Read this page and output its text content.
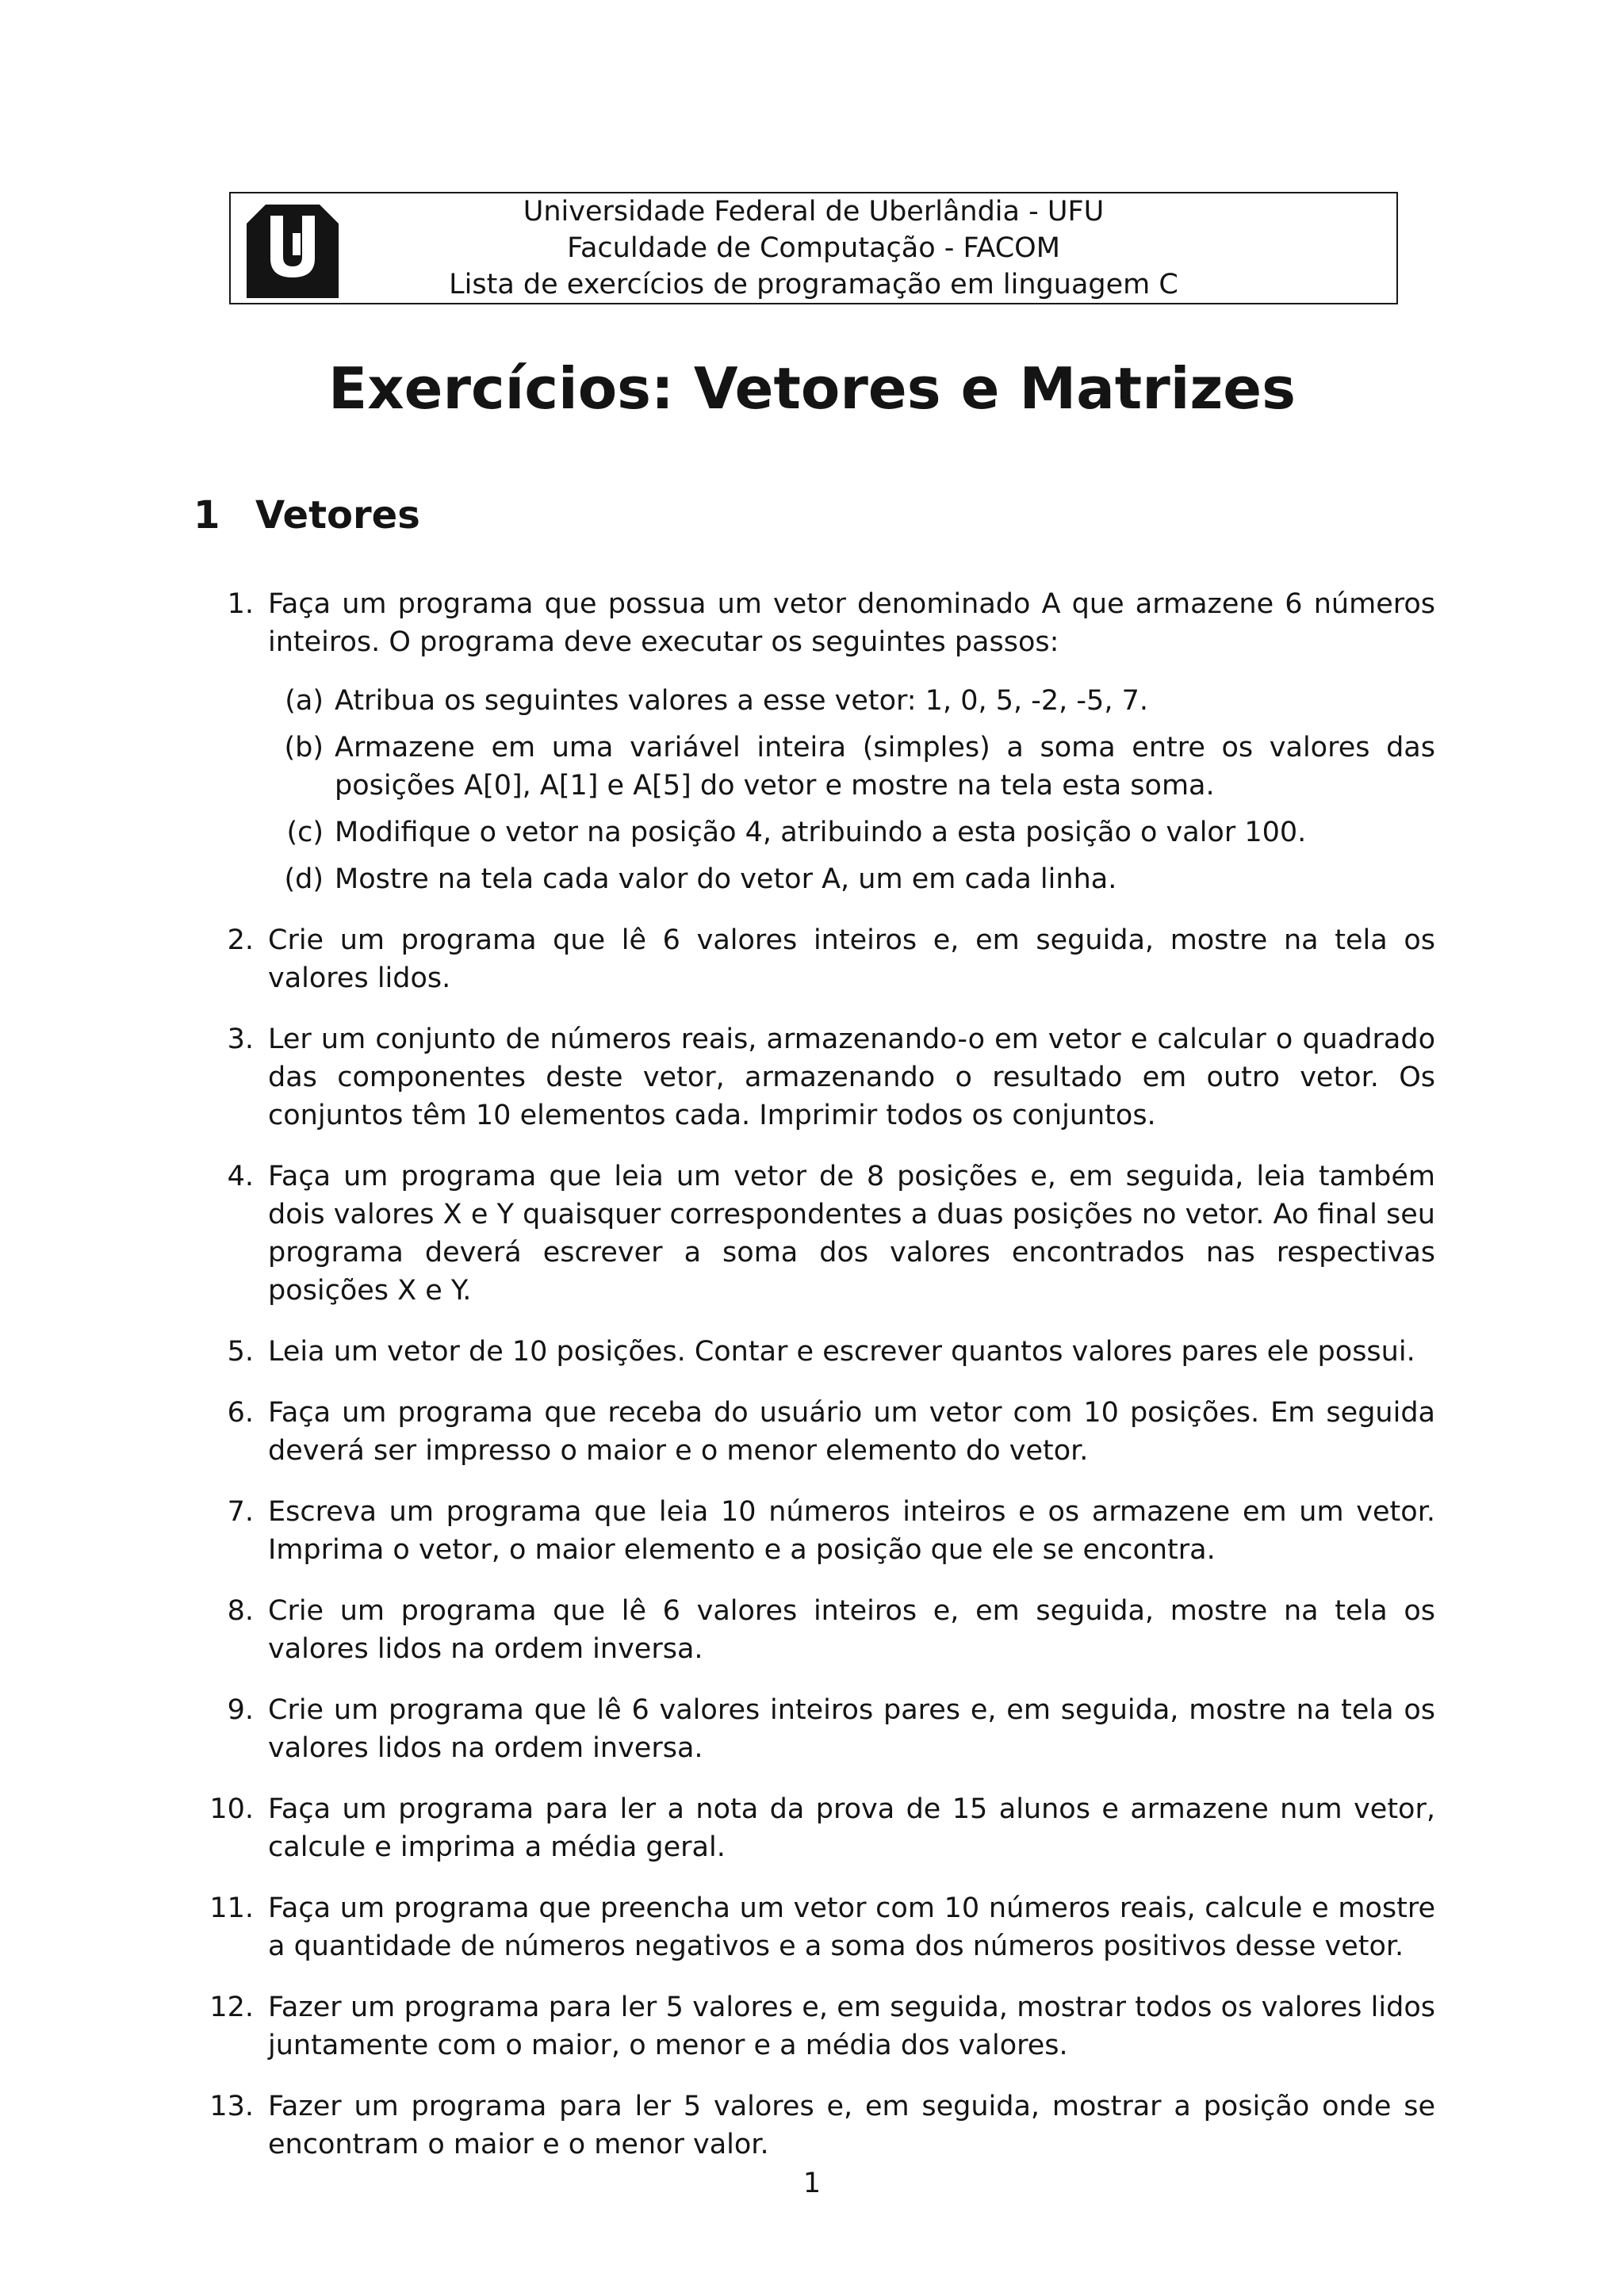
Universidade Federal de Uberlândia - UFU
Faculdade de Computação - FACOM
Lista de exercícios de programação em linguagem C
Exercícios: Vetores e Matrizes
1 Vetores
1. Faça um programa que possua um vetor denominado A que armazene 6 números inteiros. O programa deve executar os seguintes passos:
(a) Atribua os seguintes valores a esse vetor: 1, 0, 5, -2, -5, 7.
(b) Armazene em uma variável inteira (simples) a soma entre os valores das posições A[0], A[1] e A[5] do vetor e mostre na tela esta soma.
(c) Modifique o vetor na posição 4, atribuindo a esta posição o valor 100.
(d) Mostre na tela cada valor do vetor A, um em cada linha.
2. Crie um programa que lê 6 valores inteiros e, em seguida, mostre na tela os valores lidos.
3. Ler um conjunto de números reais, armazenando-o em vetor e calcular o quadrado das componentes deste vetor, armazenando o resultado em outro vetor. Os conjuntos têm 10 elementos cada. Imprimir todos os conjuntos.
4. Faça um programa que leia um vetor de 8 posições e, em seguida, leia também dois valores X e Y quaisquer correspondentes a duas posições no vetor. Ao final seu programa deverá escrever a soma dos valores encontrados nas respectivas posições X e Y.
5. Leia um vetor de 10 posições. Contar e escrever quantos valores pares ele possui.
6. Faça um programa que receba do usuário um vetor com 10 posições. Em seguida deverá ser impresso o maior e o menor elemento do vetor.
7. Escreva um programa que leia 10 números inteiros e os armazene em um vetor. Imprima o vetor, o maior elemento e a posição que ele se encontra.
8. Crie um programa que lê 6 valores inteiros e, em seguida, mostre na tela os valores lidos na ordem inversa.
9. Crie um programa que lê 6 valores inteiros pares e, em seguida, mostre na tela os valores lidos na ordem inversa.
10. Faça um programa para ler a nota da prova de 15 alunos e armazene num vetor, calcule e imprima a média geral.
11. Faça um programa que preencha um vetor com 10 números reais, calcule e mostre a quantidade de números negativos e a soma dos números positivos desse vetor.
12. Fazer um programa para ler 5 valores e, em seguida, mostrar todos os valores lidos juntamente com o maior, o menor e a média dos valores.
13. Fazer um programa para ler 5 valores e, em seguida, mostrar a posição onde se encontram o maior e o menor valor.
1
